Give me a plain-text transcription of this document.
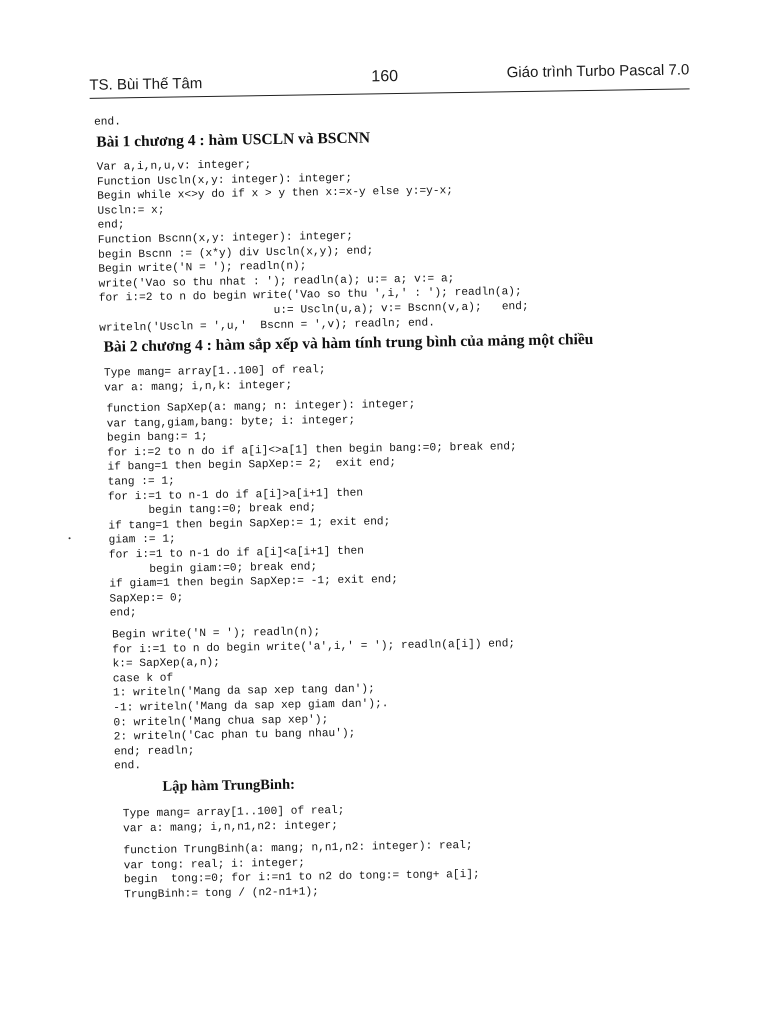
TS. Bùi Thế Tâm	160	Giáo trình Turbo Pascal 7.0
end.
Bài 1 chương 4 : hàm USCLN và BSCNN
Var a,i,n,u,v: integer;
Function Uscln(x,y: integer): integer;
Begin while x<>y do if x > y then x:=x-y else y:=y-x;
Uscln:= x;
end;
Function Bscnn(x,y: integer): integer;
begin Bscnn := (x*y) div Uscln(x,y); end;
Begin write('N = '); readln(n);
write('Vao so thu nhat : '); readln(a); u:= a; v:= a;
for i:=2 to n do begin write('Vao so thu ',i,' : '); readln(a);
u:= Uscln(u,a); v:= Bscnn(v,a);   end;
writeln('Uscln = ',u,'  Bscnn = ',v); readln; end.
Bài 2 chương 4 : hàm sắp xếp và hàm tính trung bình của mảng một chiều
Type mang= array[1..100] of real;
var a: mang; i,n,k: integer;
function SapXep(a: mang; n: integer): integer;
var tang,giam,bang: byte; i: integer;
begin bang:= 1;
for i:=2 to n do if a[i]<>a[1] then begin bang:=0; break end;
if bang=1 then begin SapXep:= 2;  exit end;
tang := 1;
for i:=1 to n-1 do if a[i]>a[i+1] then
begin tang:=0; break end;
if tang=1 then begin SapXep:= 1; exit end;
giam := 1;
for i:=1 to n-1 do if a[i]<a[i+1] then
begin giam:=0; break end;
if giam=1 then begin SapXep:= -1; exit end;
SapXep:= 0;
end;
Begin write('N = '); readln(n);
for i:=1 to n do begin write('a',i,' = '); readln(a[i]) end;
k:= SapXep(a,n);
case k of
1: writeln('Mang da sap xep tang dan');
-1: writeln('Mang da sap xep giam dan');.
0: writeln('Mang chua sap xep');
2: writeln('Cac phan tu bang nhau');
end; readln;
end.
Lập hàm TrungBinh:
Type mang= array[1..100] of real;
var a: mang; i,n,n1,n2: integer;
function TrungBinh(a: mang; n,n1,n2: integer): real;
var tong: real; i: integer;
begin  tong:=0; for i:=n1 to n2 do tong:= tong+ a[i];
TrungBinh:= tong / (n2-n1+1);
